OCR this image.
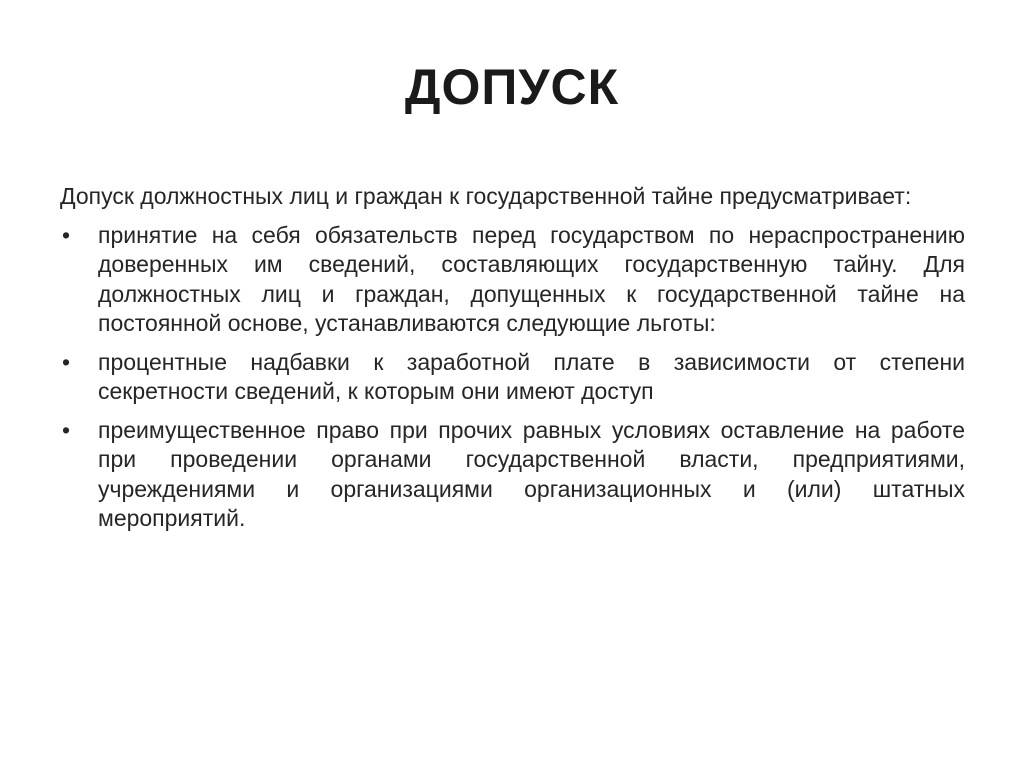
ДОПУСК

Допуск должностных лиц и граждан к государственной тайне предусматривает:

•	принятие на себя обязательств перед государством по нераспространению доверенных им сведений, составляющих государственную тайну. Для должностных лиц и граждан, допущенных к государственной тайне на постоянной основе, устанавливаются следующие льготы:
•	процентные надбавки к заработной плате в зависимости от степени секретности сведений, к которым они имеют доступ
•	преимущественное право при прочих равных условиях оставление на работе при проведении органами государственной власти, предприятиями, учреждениями и организациями организационных и (или) штатных мероприятий.
